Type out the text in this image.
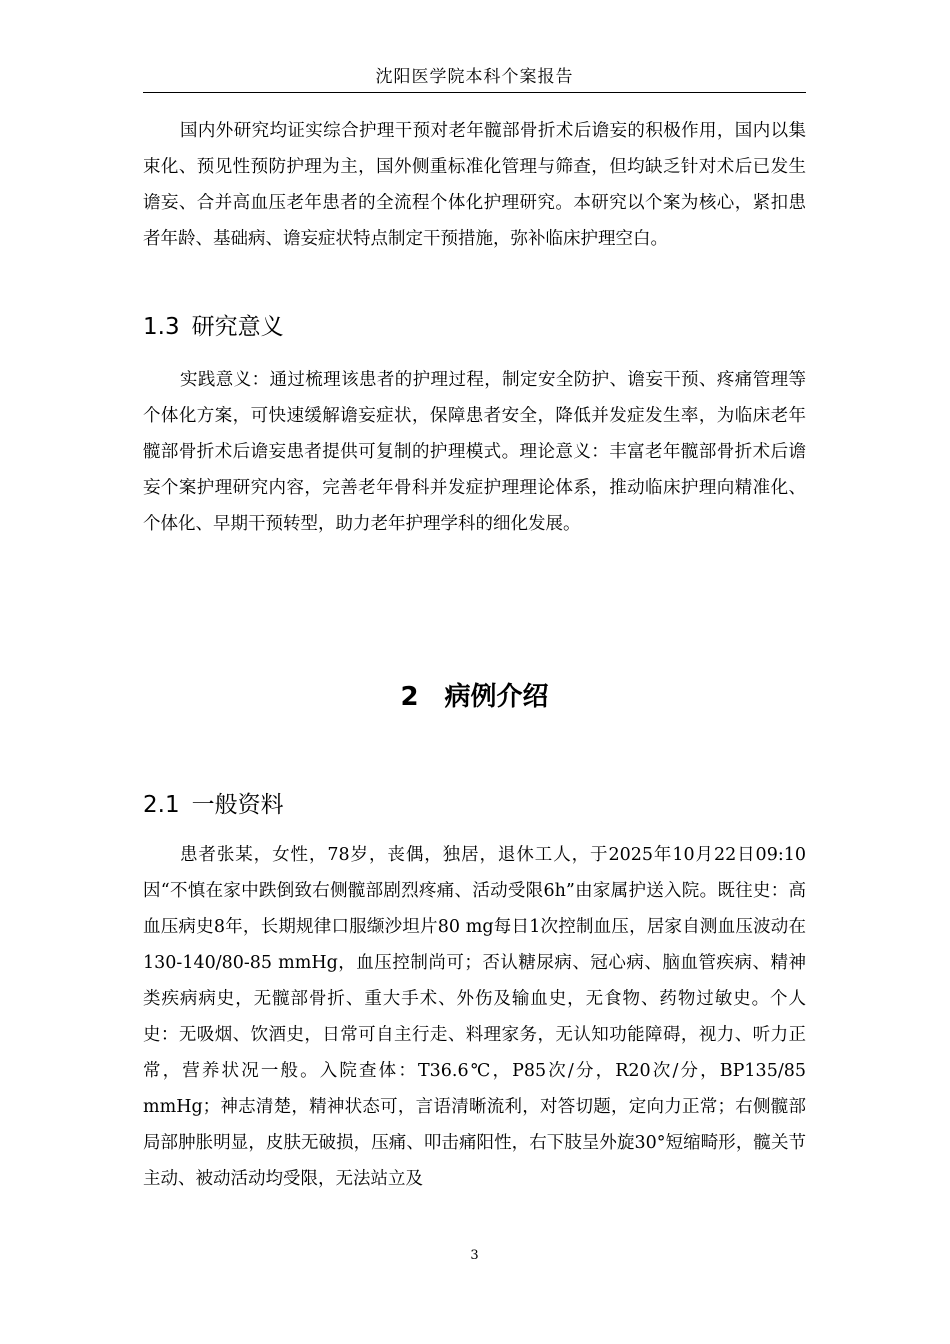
沈阳医学院本科个案报告

国内外研究均证实综合护理干预对老年髋部骨折术后谵妄的积极作用，国内以集束化、预见性预防护理为主，国外侧重标准化管理与筛查，但均缺乏针对术后已发生谵妄、合并高血压老年患者的全流程个体化护理研究。本研究以个案为核心，紧扣患者年龄、基础病、谵妄症状特点制定干预措施，弥补临床护理空白。

1.3 研究意义

实践意义：通过梳理该患者的护理过程，制定安全防护、谵妄干预、疼痛管理等个体化方案，可快速缓解谵妄症状，保障患者安全，降低并发症发生率，为临床老年髋部骨折术后谵妄患者提供可复制的护理模式。理论意义：丰富老年髋部骨折术后谵妄个案护理研究内容，完善老年骨科并发症护理理论体系，推动临床护理向精准化、个体化、早期干预转型，助力老年护理学科的细化发展。

2 病例介绍
2.1 一般资料

患者张某，女性，78岁，丧偶，独居，退休工人，于2025年10月22日09:10因“不慎在家中跌倒致右侧髋部剧烈疼痛、活动受限6h”由家属护送入院。既往史：高血压病史8年，长期规律口服缬沙坦片80 mg每日1次控制血压，居家自测血压波动在130-140/80-85 mmHg，血压控制尚可；否认糖尿病、冠心病、脑血管疾病、精神类疾病病史，无髋部骨折、重大手术、外伤及输血史，无食物、药物过敏史。个人史：无吸烟、饮酒史，日常可自主行走、料理家务，无认知功能障碍，视力、听力正常，营养状况一般。入院查体：T36.6℃，P85次/分，R20次/分，BP135/85 mmHg；神志清楚，精神状态可，言语清晰流利，对答切题，定向力正常；右侧髋部局部肿胀明显，皮肤无破损，压痛、叩击痛阳性，右下肢呈外旋30°短缩畸形，髋关节主动、被动活动均受限，无法站立及

3
